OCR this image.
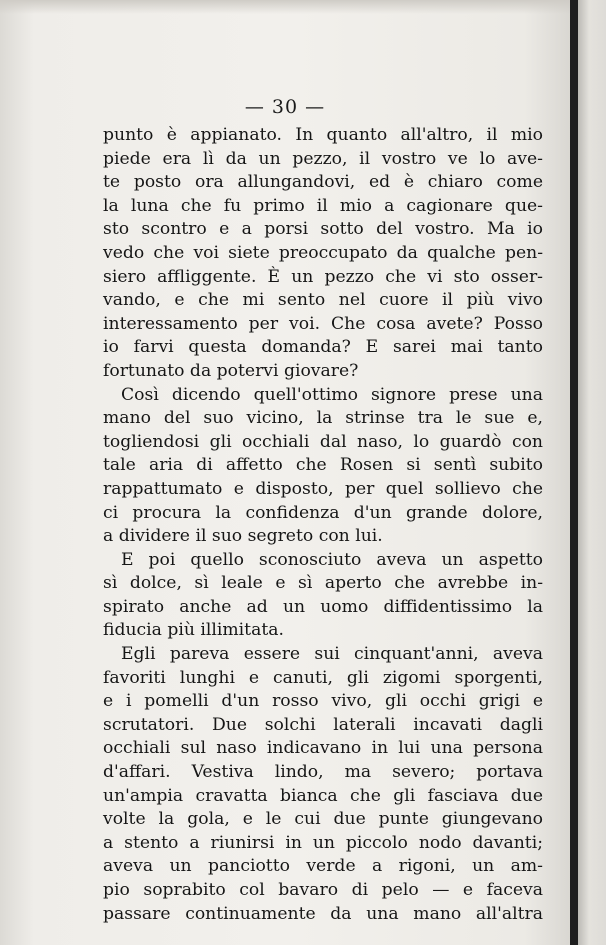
— 30 —
punto è appianato. In quanto all'altro, il mio
piede era lì da un pezzo, il vostro ve lo ave-
te posto ora allungandovi, ed è chiaro come
la luna che fu primo il mio a cagionare que-
sto scontro e a porsi sotto del vostro. Ma io
vedo che voi siete preoccupato da qualche pen-
siero affliggente. È un pezzo che vi sto osser-
vando, e che mi sento nel cuore il più vivo
interessamento per voi. Che cosa avete? Posso
io farvi questa domanda? E sarei mai tanto
fortunato da potervi giovare?
Così dicendo quell'ottimo signore prese una
mano del suo vicino, la strinse tra le sue e,
togliendosi gli occhiali dal naso, lo guardò con
tale aria di affetto che Rosen si sentì subito
rappattumato e disposto, per quel sollievo che
ci procura la confidenza d'un grande dolore,
a dividere il suo segreto con lui.
E poi quello sconosciuto aveva un aspetto
sì dolce, sì leale e sì aperto che avrebbe in-
spirato anche ad un uomo diffidentissimo la
fiducia più illimitata.
Egli pareva essere sui cinquant'anni, aveva
favoriti lunghi e canuti, gli zigomi sporgenti,
e i pomelli d'un rosso vivo, gli occhi grigi e
scrutatori. Due solchi laterali incavati dagli
occhiali sul naso indicavano in lui una persona
d'affari. Vestiva lindo, ma severo; portava
un'ampia cravatta bianca che gli fasciava due
volte la gola, e le cui due punte giungevano
a stento a riunirsi in un piccolo nodo davanti;
aveva un panciotto verde a rigoni, un am-
pio soprabito col bavaro di pelo — e faceva
passare continuamente da una mano all'altra
